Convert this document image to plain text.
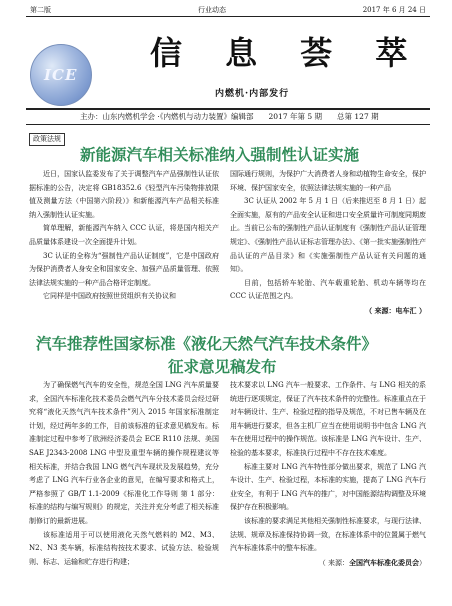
第二版	行业动态	2017 年 6 月 24 日
ICE
信 息 荟 萃
内燃机·内部发行
主办：山东内燃机学会 ·《内燃机与动力装置》编辑部　　2017 年第 5 期　　总第 127 期
政策法规
新能源汽车相关标准纳入强制性认证实施

近日，国家认监委发布了关于调整汽车产品强制性认证依据标准的公告，决定将 GB18352.6《轻型汽车污染物排放限值及测量方法（中国第六阶段）》和新能源汽车产品相关标准纳入强制性认证实施。

简单理解，新能源汽车纳入 CCC 认证，将是国内相关产品质量体系建设一次全面提升计划。

3C 认证的全称为“强制性产品认证制度”，它是中国政府为保护消费者人身安全和国家安全、加强产品质量管理、依照法律法规实施的一种产品合格评定制度。

它同样是中国政府按照世贸组织有关协议和

国际通行规则，为保护广大消费者人身和动植物生命安全，保护环境、保护国家安全，依照法律法规实施的一种产品

3C 认证从 2002 年 5 月 1 日（后来推迟至 8 月 1 日）起全面实施，原有的产品安全认证和进口安全质量许可制度同期废止。当前已公布的强制性产品认证制度有《强制性产品认证管理规定》、《强制性产品认证标志管理办法》、《第一批实施强制性产品认证的产品目录》和《实施强制性产品认证有关问题的通知》。

目前，包括轿车轮胎、汽车载重轮胎、机动车辆等均在 CCC 认证范围之内。

（ 来源：电车汇 ）

汽车推荐性国家标准《液化天然气汽车技术条件》
征求意见稿发布

为了确保燃气汽车的安全性，规范全国 LNG 汽车质量要求，全国汽车标准化技术委员会燃气汽车分技术委员会经过研究将“液化天然气汽车技术条件”列入 2015 年国家标准制定计划，经过两年多的工作，目前该标准的征求意见稿发布。标准制定过程中参考了欧洲经济委员会 ECE R110 法规、美国 SAE J2343-2008 LNG 中型及重型车辆的操作规程建议等相关标准，并结合我国 LNG 燃气汽车现状及发展趋势，充分考虑了 LNG 汽车行业各企业的意见，在编写要求和格式上，严格参照了 GB/T 1.1-2009《标准化工作导则 第 1 部分：标准的结构与编写规则》的规定，关注并充分考虑了相关标准制修订的最新进展。

该标准适用于可以使用液化天然气燃料的 M2、M3、N2、N3 类车辆，标准结构按技术要求、试验方法、检验规则、标志、运输和贮存进行构建；

技术要求以 LNG 汽车一般要求、工作条件、与 LNG 相关的系统进行逐项规定，保证了汽车技术条件的完整性。标准重点在于对车辆设计、生产、检验过程的指导及规范，不对已售车辆及在用车辆进行要求，但各主机厂应当在使用说明书中包含 LNG 汽车在使用过程中的操作规范。该标准是 LNG 汽车设计、生产、检验的基本要求，标准执行过程中不存在技术难度。

标准主要对 LNG 汽车特性部分做出要求，规范了 LNG 汽车设计、生产、检验过程，本标准的实施，提高了 LNG 汽车行业安全，有利于 LNG 汽车的推广，对中国能源结构调整及环境保护存在积极影响。

该标准的要求满足其他相关强制性标准要求，与现行法律、法规、规章及标准保持协调一致，在标准体系中的位置属于燃气汽车标准体系中的整车标准。

（ 来源：全国汽车标准化委员会）
